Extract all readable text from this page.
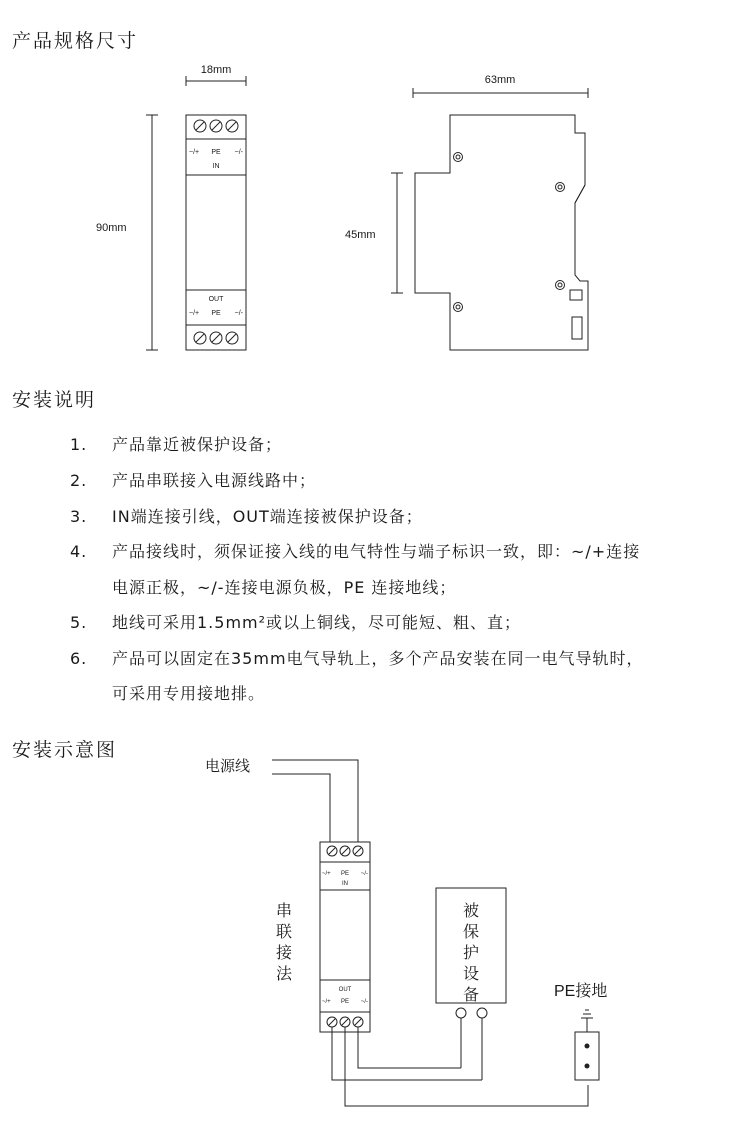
产品规格尺寸
安装说明
安装示意图
18mm
90mm
63mm
45mm
~/+ PE ~/-
IN
OUT
~/+ PE ~/-
1. 产品靠近被保护设备；
2. 产品串联接入电源线路中；
3. IN端连接引线，OUT端连接被保护设备；
4. 产品接线时，须保证接入线的电气特性与端子标识一致，即：~/+连接
电源正极，~/-连接电源负极，PE 连接地线；
5. 地线可采用1.5mm²或以上铜线，尽可能短、粗、直；
6. 产品可以固定在35mm电气导轨上，多个产品安装在同一电气导轨时，
可采用专用接地排。
电源线
~/+ PE ~/-
IN
OUT
~/+ PE ~/-
PE接地
串联接法
被保护设备
